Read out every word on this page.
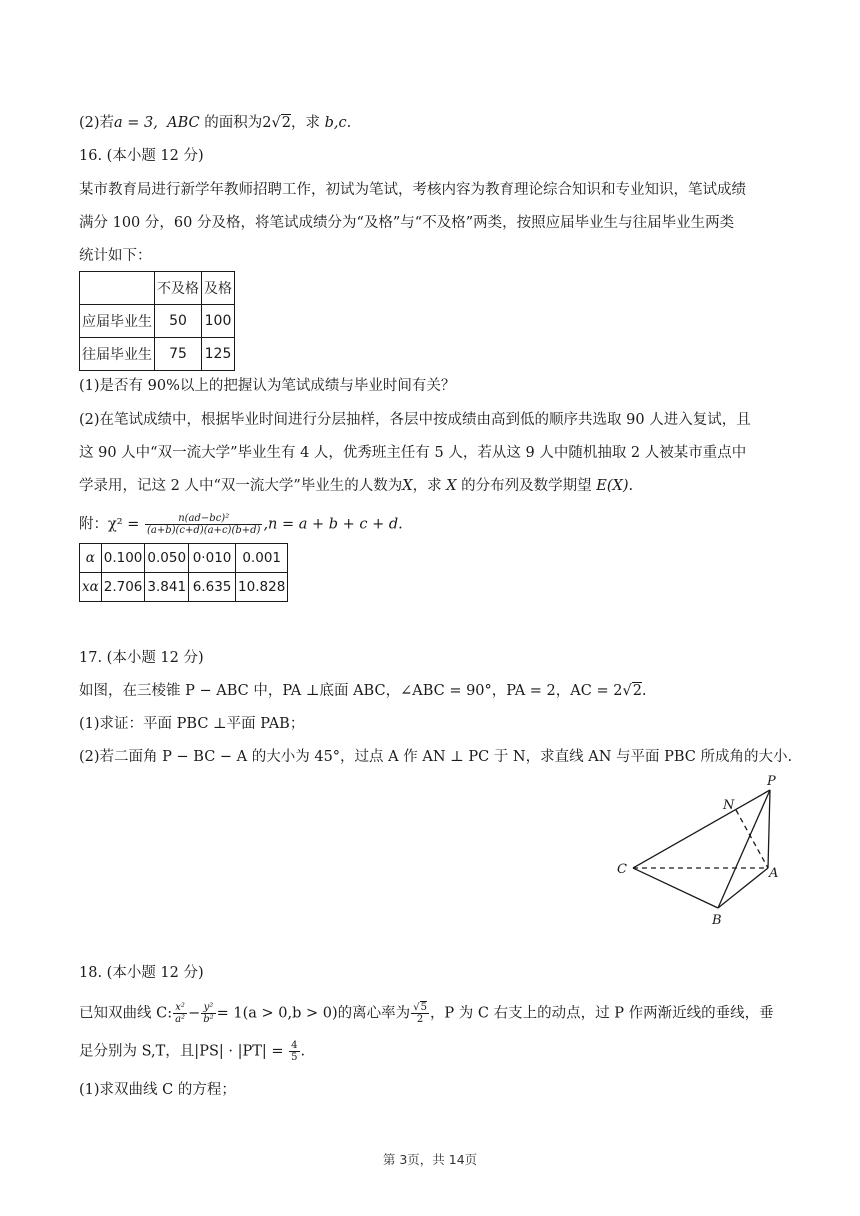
(2)若a = 3, ABC 的面积为2√2，求 b,c.
16. (本小题 12 分)
某市教育局进行新学年教师招聘工作，初试为笔试，考核内容为教育理论综合知识和专业知识，笔试成绩
满分 100 分，60 分及格，将笔试成绩分为“及格”与“不及格”两类，按照应届毕业生与往届毕业生两类
统计如下：
	不及格	及格
应届毕业生	50	100
往届毕业生	75	125
(1)是否有 90%以上的把握认为笔试成绩与毕业时间有关？
(2)在笔试成绩中，根据毕业时间进行分层抽样，各层中按成绩由高到低的顺序共选取 90 人进入复试，且
这 90 人中“双一流大学”毕业生有 4 人，优秀班主任有 5 人，若从这 9 人中随机抽取 2 人被某市重点中
学录用，记这 2 人中“双一流大学”毕业生的人数为X，求 X 的分布列及数学期望 E(X).
附：$\chi^2 = \frac{\text{n(ad−bc)²}}{(a+b)(c+d)(a+c)(b+d)} ,n = a + b + c + d$.
α	0.100	0.050	0·010	0.001
xα	2.706	3.841	6.635	10.828
17. (本小题 12 分)
如图，在三棱锥 P − ABC 中，PA ⊥底面 ABC，∠ABC = 90°，PA = 2，AC = 2√2.
(1)求证：平面 PBC ⊥平面 PAB；
(2)若二面角 P − BC − A 的大小为 45°，过点 A 作 AN ⊥ PC 于 N，求直线 AN 与平面 PBC 所成角的大小.
P
N
C	A
B
18. (本小题 12 分)
已知双曲线 C: $\frac{\text{x²}}{\text{a²}} - \frac{\text{y²}}{\text{b²}} = 1(a > 0,b > 0)$的离心率为 $\frac{√5}{2}$ ，P 为 C 右支上的动点，过 P 作两渐近线的垂线，垂
足分别为 S,T，且$|PS| \cdot |PT| = \frac{4}{5}$ .
(1)求双曲线 C 的方程；
第 3页，共 14页
